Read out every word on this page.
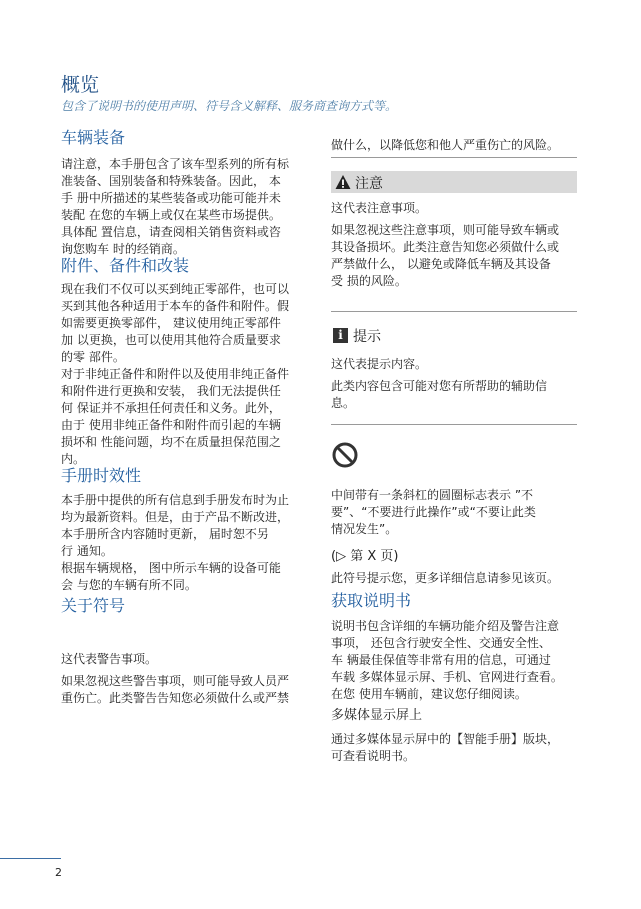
概览
包含了说明书的使用声明、符号含义解释、服务商查询方式等。
车辆装备
请注意，本手册包含了该车型系列的所有标
准装备、国别装备和特殊装备。因此， 本
手 册中所描述的某些装备或功能可能并未
装配 在您的车辆上或仅在某些市场提供。
具体配 置信息，请查阅相关销售资料或咨
询您购车 时的经销商。
附件、备件和改装
现在我们不仅可以买到纯正零部件，也可以
买到其他各种适用于本车的备件和附件。假
如需要更换零部件， 建议使用纯正零部件
加 以更换，也可以使用其他符合质量要求
的零 部件。
对于非纯正备件和附件以及使用非纯正备件
和附件进行更换和安装， 我们无法提供任
何 保证并不承担任何责任和义务。此外，
由于 使用非纯正备件和附件而引起的车辆
损坏和 性能问题，均不在质量担保范围之
内。
手册时效性
本手册中提供的所有信息到手册发布时为止
均为最新资料。但是，由于产品不断改进，
本手册所含内容随时更新， 届时恕不另
行 通知。
根据车辆规格， 图中所示车辆的设备可能
会 与您的车辆有所不同。
关于符号
这代表警告事项。
如果忽视这些警告事项，则可能导致人员严
重伤亡。此类警告告知您必须做什么或严禁
做什么，以降低您和他人严重伤亡的风险。
注意
这代表注意事项。
如果忽视这些注意事项，则可能导致车辆或
其设备损坏。此类注意告知您必须做什么或
严禁做什么， 以避免或降低车辆及其设备
受 损的风险。
i 提示
这代表提示内容。
此类内容包含可能对您有所帮助的辅助信
息。
中间带有一条斜杠的圆圈标志表示 ”不
要”、“不要进行此操作”或“不要让此类
情况发生”。
(▷ 第 X 页)
此符号提示您，更多详细信息请参见该页。
获取说明书
说明书包含详细的车辆功能介绍及警告注意
事项， 还包含行驶安全性、交通安全性、
车 辆最佳保值等非常有用的信息，可通过
车载 多媒体显示屏、手机、官网进行查看。
在您 使用车辆前，建议您仔细阅读。
多媒体显示屏上
通过多媒体显示屏中的【智能手册】版块，
可查看说明书。
2
